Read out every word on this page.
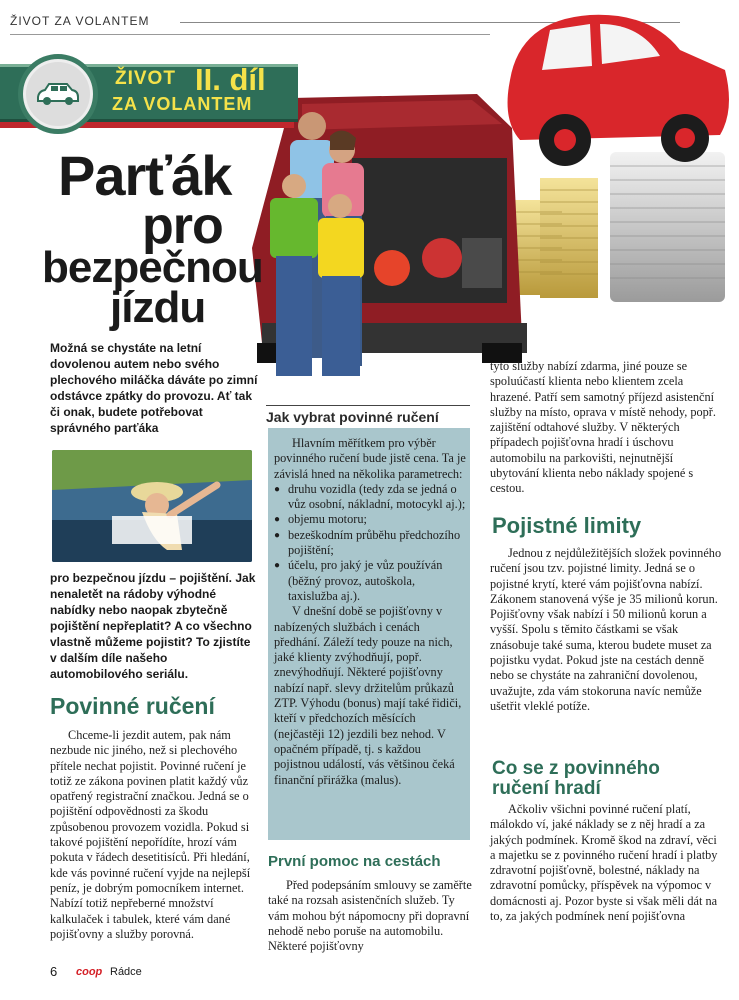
ŽIVOT ZA VOLANTEM
ŽIVOT II. díl
ZA VOLANTEM
Parťák
pro
bezpečnou
jízdu
Možná se chystáte na letní dovolenou autem nebo svého plechového miláčka dáváte po zimní odstávce zpátky do provozu. Ať tak či onak, budete potřebovat správného parťáka
pro bezpečnou jízdu – pojištění. Jak nenaletět na rádoby výhodné nabídky nebo naopak zbytečně pojištění nepřeplatit? A co všechno vlastně můžeme pojistit? To zjistíte v dalším díle našeho automobilového seriálu.
Povinné ručení
Chceme-li jezdit autem, pak nám nezbude nic jiného, než si plechového přítele nechat pojistit. Povinné ručení je totiž ze zákona povinen platit každý vůz opatřený registrační značkou. Jedná se o pojištění odpovědnosti za škodu způsobenou provozem vozidla. Pokud si takové pojištění nepořídíte, hrozí vám pokuta v řádech desetitisíců. Při hledání, kde vás povinné ručení vyjde na nejlepší peníz, je dobrým pomocníkem internet. Nabízí totiž nepřeberné množství kalkulaček i tabulek, které vám dané pojišťovny a služby porovná.
Jak vybrat povinné ručení

Hlavním měřítkem pro výběr povinného ručení bude jistě cena. Ta je závislá hned na několika parametrech:

● druhu vozidla (tedy zda se jedná o vůz osobní, nákladní, motocykl aj.);
● objemu motoru;
● bezeškodním průběhu předchozího pojištění;
● účelu, pro jaký je vůz používán (běžný provoz, autoškola, taxislužba aj.).

V dnešní době se pojišťovny v nabízených službách i cenách předhání. Záleží tedy pouze na nich, jaké klienty zvýhodňují, popř. znevýhodňují. Některé pojišťovny nabízí např. slevy držitelům průkazů ZTP. Výhodu (bonus) mají také řidiči, kteří v předchozích měsících (nejčastěji 12) jezdili bez nehod. V opačném případě, tj. s každou pojistnou událostí, vás většinou čeká finanční přirážka (malus).

První pomoc na cestách
Před podepsáním smlouvy se zaměřte také na rozsah asistenčních služeb. Ty vám mohou být nápomocny při dopravní nehodě nebo poruše na automobilu. Některé pojišťovny
tyto služby nabízí zdarma, jiné pouze se spoluúčastí klienta nebo klientem zcela hrazené. Patří sem samotný příjezd asistenční služby na místo, oprava v místě nehody, popř. zajištění odtahové služby. V některých případech pojišťovna hradí i úschovu automobilu na parkovišti, nejnutnější ubytování klienta nebo náklady spojené s cestou.
Pojistné limity
Jednou z nejdůležitějších složek povinného ručení jsou tzv. pojistné limity. Jedná se o pojistné krytí, které vám pojišťovna nabízí. Zákonem stanovená výše je 35 milionů korun. Pojišťovny však nabízí i 50 milionů korun a vyšší. Spolu s těmito částkami se však znásobuje také suma, kterou budete muset za pojistku vydat. Pokud jste na cestách denně nebo se chystáte na zahraniční dovolenou, uvažujte, zda vám stokoruna navíc nemůže ušetřit vleklé potíže.
Co se z povinného
ručení hradí
Ačkoliv všichni povinné ručení platí, málokdo ví, jaké náklady se z něj hradí a za jakých podmínek. Kromě škod na zdraví, věci a majetku se z povinného ručení hradí i platby zdravotní pojišťovně, bolestné, náklady na zdravotní pomůcky, příspěvek na výpomoc v domácnosti aj. Pozor byste si však měli dát na to, za jakých podmínek není pojišťovna
6 coop Rádce
